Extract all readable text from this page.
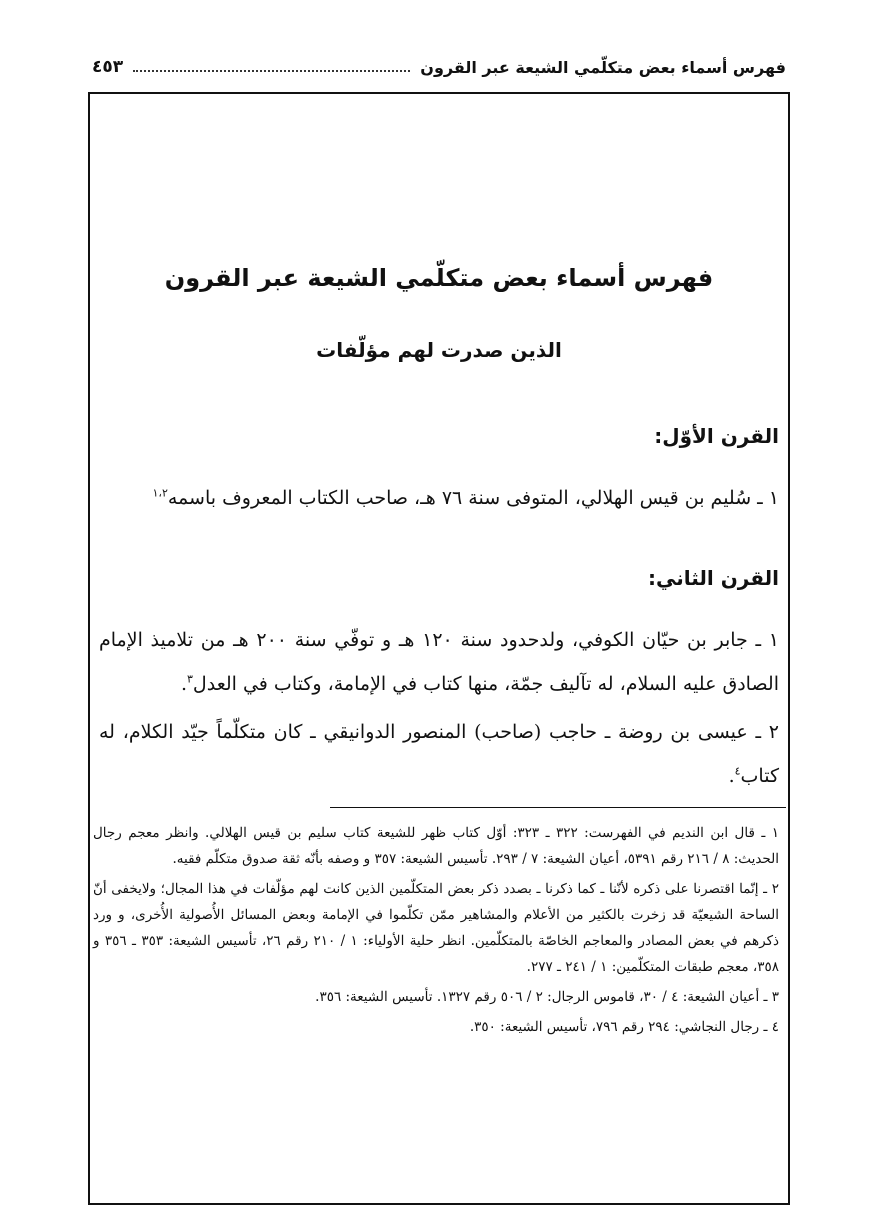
فهرس أسماء بعض متكلّمي الشيعة عبر القرون
٤٥٣
فهرس أسماء بعض متكلّمي الشيعة عبر القرون
الذين صدرت لهم مؤلّفات
القرن الأوّل:

١ ـ سُليم بن قيس الهلالي، المتوفى سنة ٧٦ هـ، صاحب الكتاب المعروف باسمه$^{١،٢}$

القرن الثاني:

١ ـ جابر بن حيّان الكوفي، ولدحدود سنة ١٢٠ هـ و توفّي سنة ٢٠٠ هـ من تلاميذ الإمام الصادق عليه السلام، له تآليف جمّة، منها كتاب في الإمامة، وكتاب في العدل$^٣$.

٢ ـ عيسى بن روضة ـ حاجب (صاحب) المنصور الدوانيقي ـ كان متكلّماً جيّد الكلام، له كتاب$^٤$.

١ ـ قال ابن النديم في الفهرست: ٣٢٢ ـ ٣٢٣: أوّل كتاب ظهر للشيعة كتاب سليم بن قيس الهلالي. وانظر معجم رجال الحديث: ٨ / ٢١٦ رقم ٥٣٩١، أعيان الشيعة: ٧ / ٢٩٣. تأسيس الشيعة: ٣٥٧ و وصفه بأنّه ثقة صدوق متكلّم فقيه.

٢ ـ إنّما اقتصرنا على ذكره لأنّنا ـ كما ذكرنا ـ بصدد ذكر بعض المتكلّمين الذين كانت لهم مؤلّفات في هذا المجال؛ ولايخفى أنّ الساحة الشيعيّة قد زخرت بالكثير من الأعلام والمشاهير ممّن تكلّموا في الإمامة وبعض المسائل الأُصولية الأُخرى، و ورد ذكرهم في بعض المصادر والمعاجم الخاصّة بالمتكلّمين. انظر حلية الأولياء: ١ / ٢١٠ رقم ٢٦، تأسيس الشيعة: ٣٥٣ ـ ٣٥٦ و ٣٥٨، معجم طبقات المتكلّمين: ١ / ٢٤١ ـ ٢٧٧.

٣ ـ أعيان الشيعة: ٤ / ٣٠، قاموس الرجال: ٢ / ٥٠٦ رقم ١٣٢٧. تأسيس الشيعة: ٣٥٦.

٤ ـ رجال النجاشي: ٢٩٤ رقم ٧٩٦، تأسيس الشيعة: ٣٥٠.
